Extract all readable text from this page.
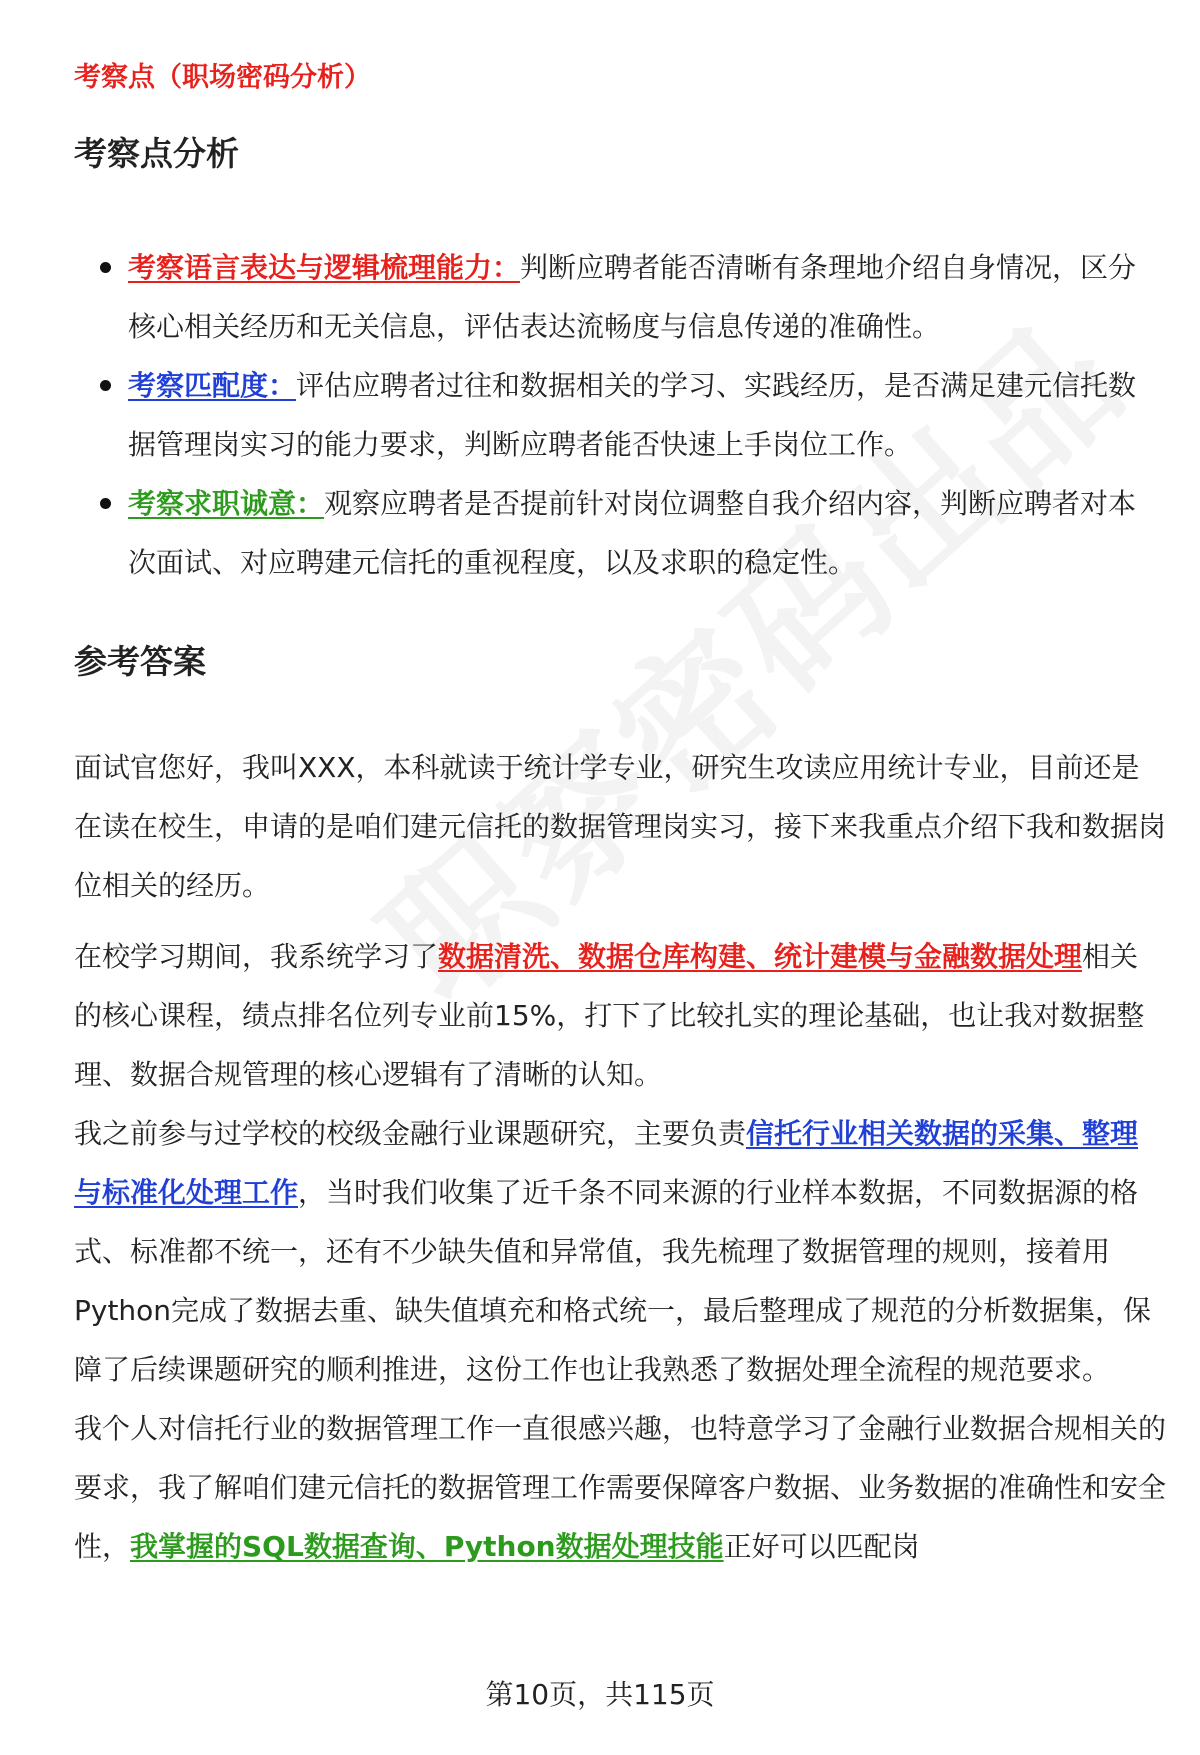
考察点（职场密码分析）
考察点分析
考察语言表达与逻辑梳理能力：判断应聘者能否清晰有条理地介绍自身情况，区分核心相关经历和无关信息，评估表达流畅度与信息传递的准确性。
考察匹配度：评估应聘者过往和数据相关的学习、实践经历，是否满足建元信托数据管理岗实习的能力要求，判断应聘者能否快速上手岗位工作。
考察求职诚意：观察应聘者是否提前针对岗位调整自我介绍内容，判断应聘者对本次面试、对应聘建元信托的重视程度，以及求职的稳定性。
参考答案

面试官您好，我叫XXX，本科就读于统计学专业，研究生攻读应用统计专业，目前还是在读在校生，申请的是咱们建元信托的数据管理岗实习，接下来我重点介绍下我和数据岗位相关的经历。

在校学习期间，我系统学习了数据清洗、数据仓库构建、统计建模与金融数据处理相关的核心课程，绩点排名位列专业前15%，打下了比较扎实的理论基础，也让我对数据整理、数据合规管理的核心逻辑有了清晰的认知。

我之前参与过学校的校级金融行业课题研究，主要负责信托行业相关数据的采集、整理与标准化处理工作，当时我们收集了近千条不同来源的行业样本数据，不同数据源的格式、标准都不统一，还有不少缺失值和异常值，我先梳理了数据管理的规则，接着用Python完成了数据去重、缺失值填充和格式统一，最后整理成了规范的分析数据集，保障了后续课题研究的顺利推进，这份工作也让我熟悉了数据处理全流程的规范要求。

我个人对信托行业的数据管理工作一直很感兴趣，也特意学习了金融行业数据合规相关的要求，我了解咱们建元信托的数据管理工作需要保障客户数据、业务数据的准确性和安全性，我掌握的SQL数据查询、Python数据处理技能正好可以匹配岗

第10页，共115页
